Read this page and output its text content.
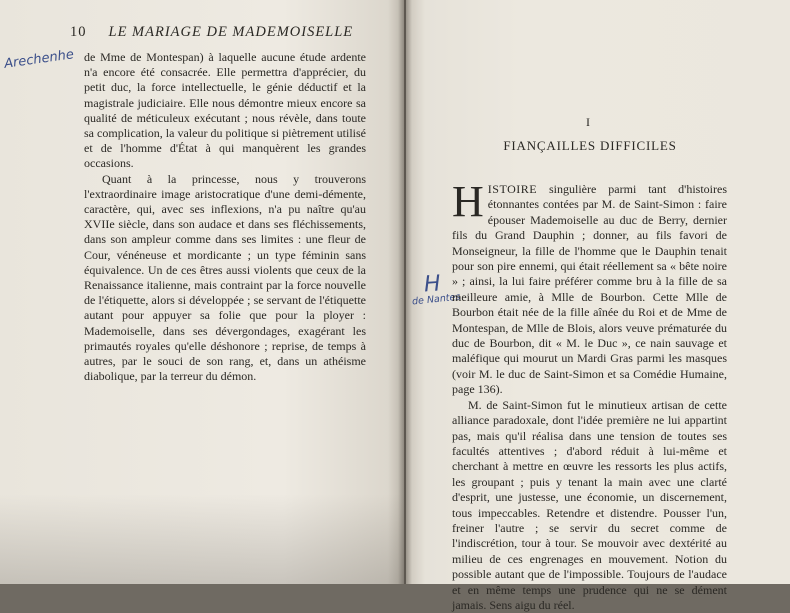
10 LE MARIAGE DE MADEMOISELLE
Arechenhe de Mme de Montespan) à laquelle aucune étude ardente n'a encore été consacrée. Elle permettra d'apprécier, du petit duc, la force intellectuelle, le génie déductif et la magistrale judiciaire. Elle nous démontre mieux encore sa qualité de méticuleux exécutant ; nous révèle, dans toute sa complication, la valeur du politique si piètrement utilisé et de l'homme d'État à qui manquèrent les grandes occasions.

Quant à la princesse, nous y trouverons l'extraordinaire image aristocratique d'une demi-démente, caractère, qui, avec ses inflexions, n'a pu naître qu'au XVIIe siècle, dans son audace et dans ses fléchissements, dans son ampleur comme dans ses limites : une fleur de Cour, vénéneuse et mordicante ; un type féminin sans équivalence. Un de ces êtres aussi violents que ceux de la Renaissance italienne, mais contraint par la force nouvelle de l'étiquette, alors si développée ; se servant de l'étiquette autant pour appuyer sa folie que pour la ployer : Mademoiselle, dans ses dévergondages, exagérant les primautés royales qu'elle déshonore ; reprise, de temps à autres, par le souci de son rang, et, dans un athéisme diabolique, par la terreur du démon.

I
FIANÇAILLES DIFFICILES
H
de Nantes

HISTOIRE singulière parmi tant d'histoires étonnantes contées par M. de Saint-Simon : faire épouser Mademoiselle au duc de Berry, dernier fils du Grand Dauphin ; donner, au fils favori de Monseigneur, la fille de l'homme que le Dauphin tenait pour son pire ennemi, qui était réellement sa « bête noire » ; ainsi, la lui faire préférer comme bru à la fille de sa meilleure amie, à Mlle de Bourbon. Cette Mlle de Bourbon était née de la fille aînée du Roi et de Mme de Montespan, de Mlle de Blois, alors veuve prématurée du duc de Bourbon, dit « M. le Duc », ce nain sauvage et maléfique qui mourut un Mardi Gras parmi les masques (voir M. le duc de Saint-Simon et sa Comédie Humaine, page 136).

M. de Saint-Simon fut le minutieux artisan de cette alliance paradoxale, dont l'idée première ne lui appartint pas, mais qu'il réalisa dans une tension de toutes ses facultés attentives ; d'abord réduit à lui-même et cherchant à mettre en œuvre les ressorts les plus actifs, les groupant ; puis y tenant la main avec une clarté d'esprit, une justesse, une économie, un discernement, tous impeccables. Retendre et distendre. Pousser l'un, freiner l'autre ; se servir du secret comme de l'indiscrétion, tour à tour. Se mouvoir avec dextérité au milieu de ces engrenages en mouvement. Notion du possible autant que de l'impossible. Toujours de l'audace et en même temps une prudence qui ne se dément jamais. Sens aigu du réel.
